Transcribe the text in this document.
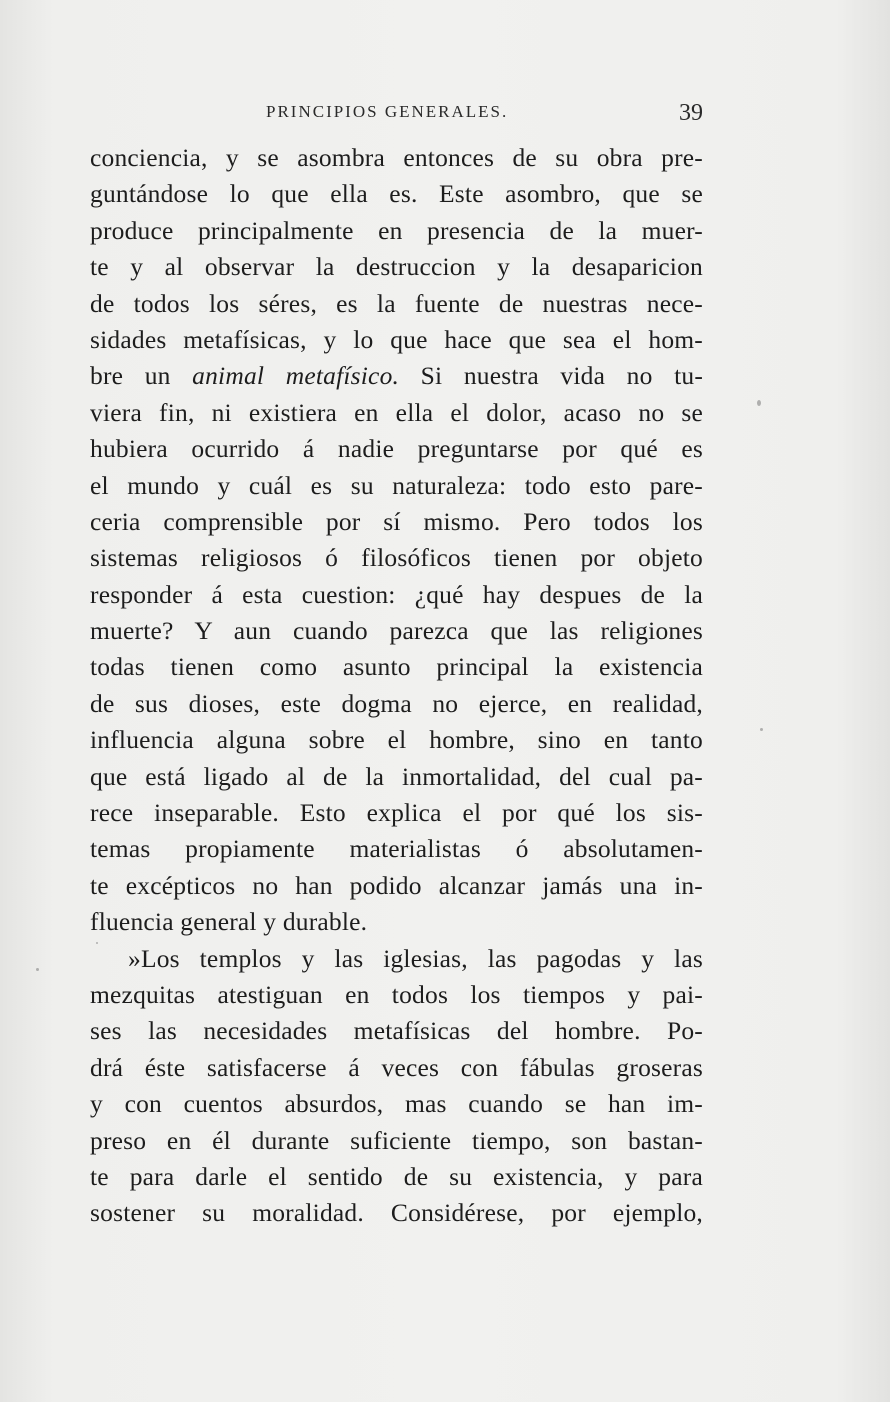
PRINCIPIOS GENERALES.	39
conciencia, y se asombra entonces de su obra pre-
guntándose lo que ella es. Este asombro, que se
produce principalmente en presencia de la muer-
te y al observar la destruccion y la desaparicion
de todos los séres, es la fuente de nuestras nece-
sidades metafísicas, y lo que hace que sea el hom-
bre un animal metafísico. Si nuestra vida no tu-
viera fin, ni existiera en ella el dolor, acaso no se
hubiera ocurrido á nadie preguntarse por qué es
el mundo y cuál es su naturaleza: todo esto pare-
ceria comprensible por sí mismo. Pero todos los
sistemas religiosos ó filosóficos tienen por objeto
responder á esta cuestion: ¿qué hay despues de la
muerte? Y aun cuando parezca que las religiones
todas tienen como asunto principal la existencia
de sus dioses, este dogma no ejerce, en realidad,
influencia alguna sobre el hombre, sino en tanto
que está ligado al de la inmortalidad, del cual pa-
rece inseparable. Esto explica el por qué los sis-
temas propiamente materialistas ó absolutamen-
te excépticos no han podido alcanzar jamás una in-
fluencia general y durable.
»Los templos y las iglesias, las pagodas y las
mezquitas atestiguan en todos los tiempos y pai-
ses las necesidades metafísicas del hombre. Po-
drá éste satisfacerse á veces con fábulas groseras
y con cuentos absurdos, mas cuando se han im-
preso en él durante suficiente tiempo, son bastan-
te para darle el sentido de su existencia, y para
sostener su moralidad. Considérese, por ejemplo,
